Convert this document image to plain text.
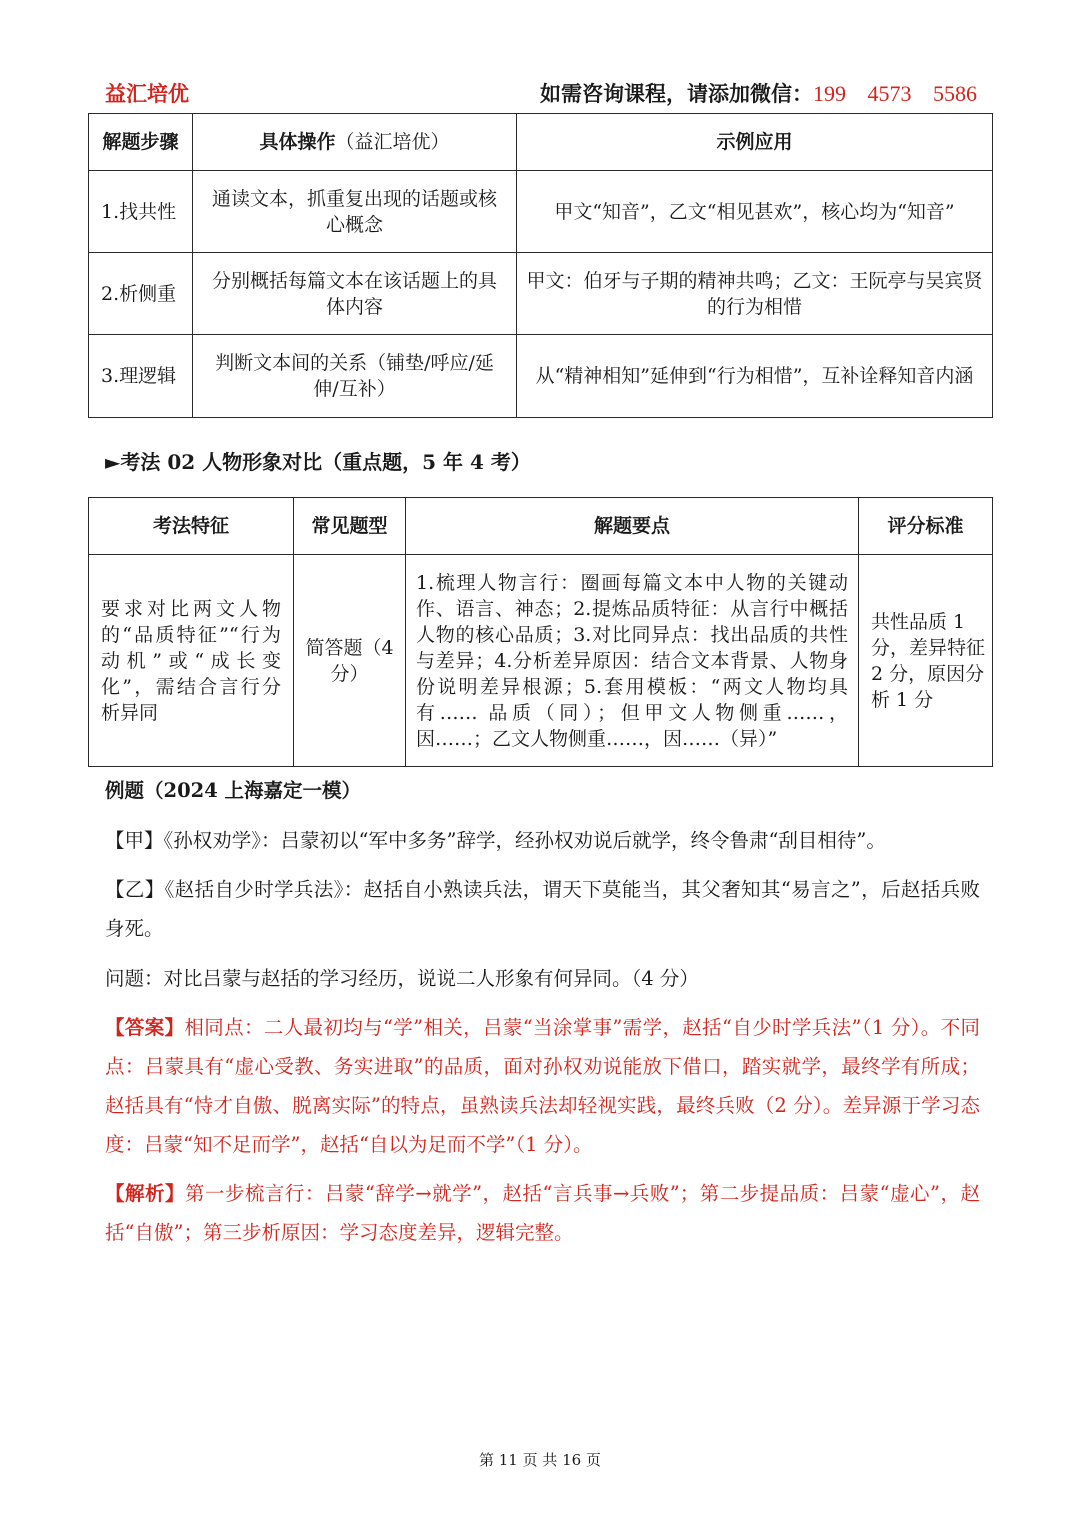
益汇培优	如需咨询课程，请添加微信：199 4573 5586
解题步骤	具体操作（益汇培优）	示例应用
1.找共性	通读文本，抓重复出现的话题或核心概念	甲文“知音”，乙文“相见甚欢”，核心均为“知音”
2.析侧重	分别概括每篇文本在该话题上的具体内容	甲文：伯牙与子期的精神共鸣；乙文：王阮亭与吴宾贤的行为相惜
3.理逻辑	判断文本间的关系（铺垫/呼应/延伸/互补）	从“精神相知”延伸到“行为相惜”，互补诠释知音内涵
►考法 02 人物形象对比（重点题，5 年 4 考）
考法特征	常见题型	解题要点	评分标准
要求对比两文人物的“品质特征”“行为动机”或“成长变化”，需结合言行分析异同	简答题（4 分）	1.梳理人物言行：圈画每篇文本中人物的关键动作、语言、神态；2.提炼品质特征：从言行中概括人物的核心品质；3.对比同异点：找出品质的共性与差异；4.分析差异原因：结合文本背景、人物身份说明差异根源；5.套用模板：“两文人物均具有…… 品质（同）；但甲文人物侧重……，因……；乙文人物侧重……，因……（异）”	共性品质 1 分，差异特征 2 分，原因分析 1 分
例题（2024 上海嘉定一模）
【甲】《孙权劝学》：吕蒙初以“军中多务”辞学，经孙权劝说后就学，终令鲁肃“刮目相待”。
【乙】《赵括自少时学兵法》：赵括自小熟读兵法，谓天下莫能当，其父奢知其“易言之”，后赵括兵败身死。
问题：对比吕蒙与赵括的学习经历，说说二人形象有何异同。（4 分）
【答案】相同点：二人最初均与“学”相关，吕蒙“当涂掌事”需学，赵括“自少时学兵法”（1 分）。不同点：吕蒙具有“虚心受教、务实进取”的品质，面对孙权劝说能放下借口，踏实就学，最终学有所成；赵括具有“恃才自傲、脱离实际”的特点，虽熟读兵法却轻视实践，最终兵败（2 分）。差异源于学习态度：吕蒙“知不足而学”，赵括“自以为足而不学”（1 分）。
【解析】第一步梳言行：吕蒙“辞学→就学”，赵括“言兵事→兵败”；第二步提品质：吕蒙“虚心”，赵括“自傲”；第三步析原因：学习态度差异，逻辑完整。
第 11 页 共 16 页
